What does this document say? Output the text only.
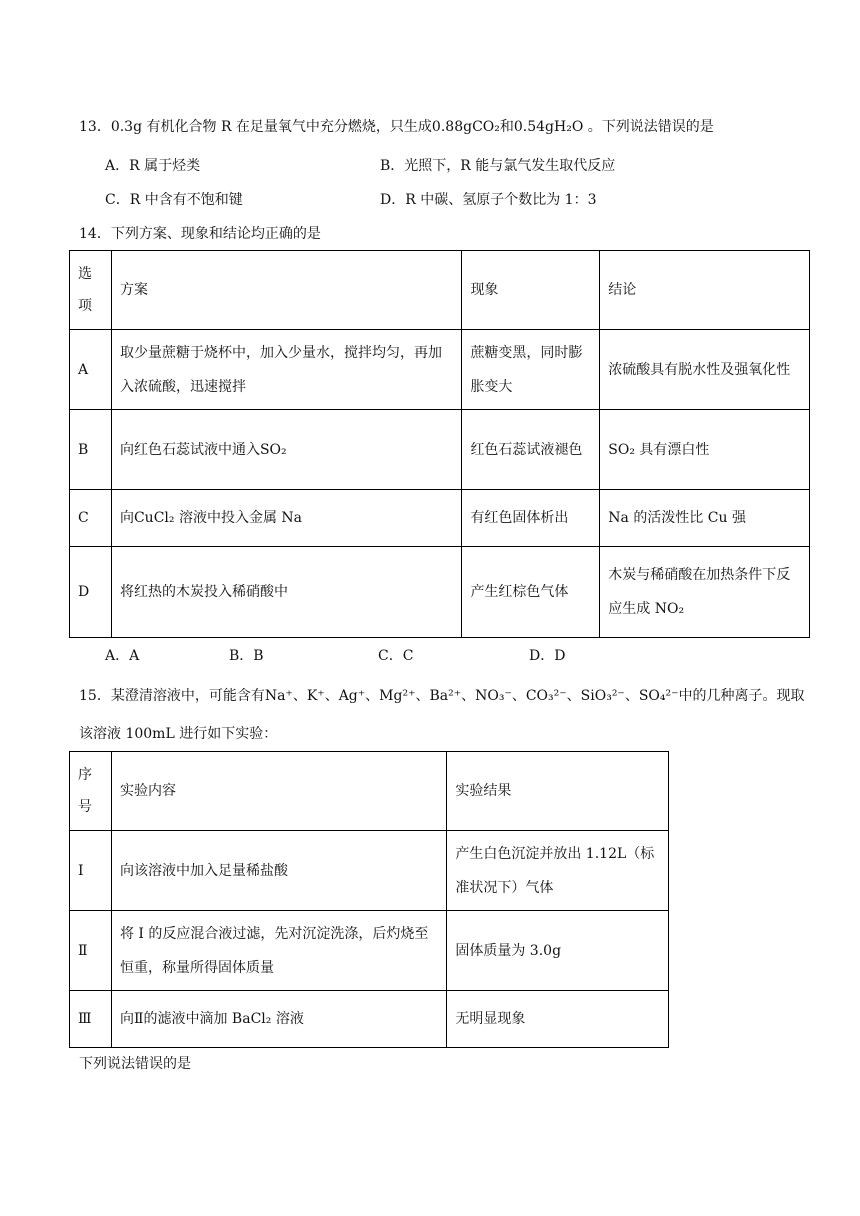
13．0.3g 有机化合物 R 在足量氧气中充分燃烧，只生成0.88gCO₂和0.54gH₂O 。下列说法错误的是
A．R 属于烃类	B．光照下，R 能与氯气发生取代反应
C．R 中含有不饱和键	D．R 中碳、氢原子个数比为 1：3
14．下列方案、现象和结论均正确的是
选项	方案	现象	结论
A	取少量蔗糖于烧杯中，加入少量水，搅拌均匀，再加入浓硫酸，迅速搅拌	蔗糖变黑，同时膨胀变大	浓硫酸具有脱水性及强氧化性
B	向红色石蕊试液中通入SO₂	红色石蕊试液褪色	SO₂ 具有漂白性
C	向CuCl₂ 溶液中投入金属 Na	有红色固体析出	Na 的活泼性比 Cu 强
D	将红热的木炭投入稀硝酸中	产生红棕色气体	木炭与稀硝酸在加热条件下反应生成 NO₂
A．A	B．B	C．C	D．D
15．某澄清溶液中，可能含有Na⁺、K⁺、Ag⁺、Mg²⁺、Ba²⁺、NO₃⁻、CO₃²⁻、SiO₃²⁻、SO₄²⁻中的几种离子。现取
该溶液 100mL 进行如下实验：
序号	实验内容	实验结果
I	向该溶液中加入足量稀盐酸	产生白色沉淀并放出 1.12L（标准状况下）气体
Ⅱ	将 I 的反应混合液过滤，先对沉淀洗涤，后灼烧至恒重，称量所得固体质量	固体质量为 3.0g
Ⅲ	向Ⅱ的滤液中滴加 BaCl₂ 溶液	无明显现象
下列说法错误的是
